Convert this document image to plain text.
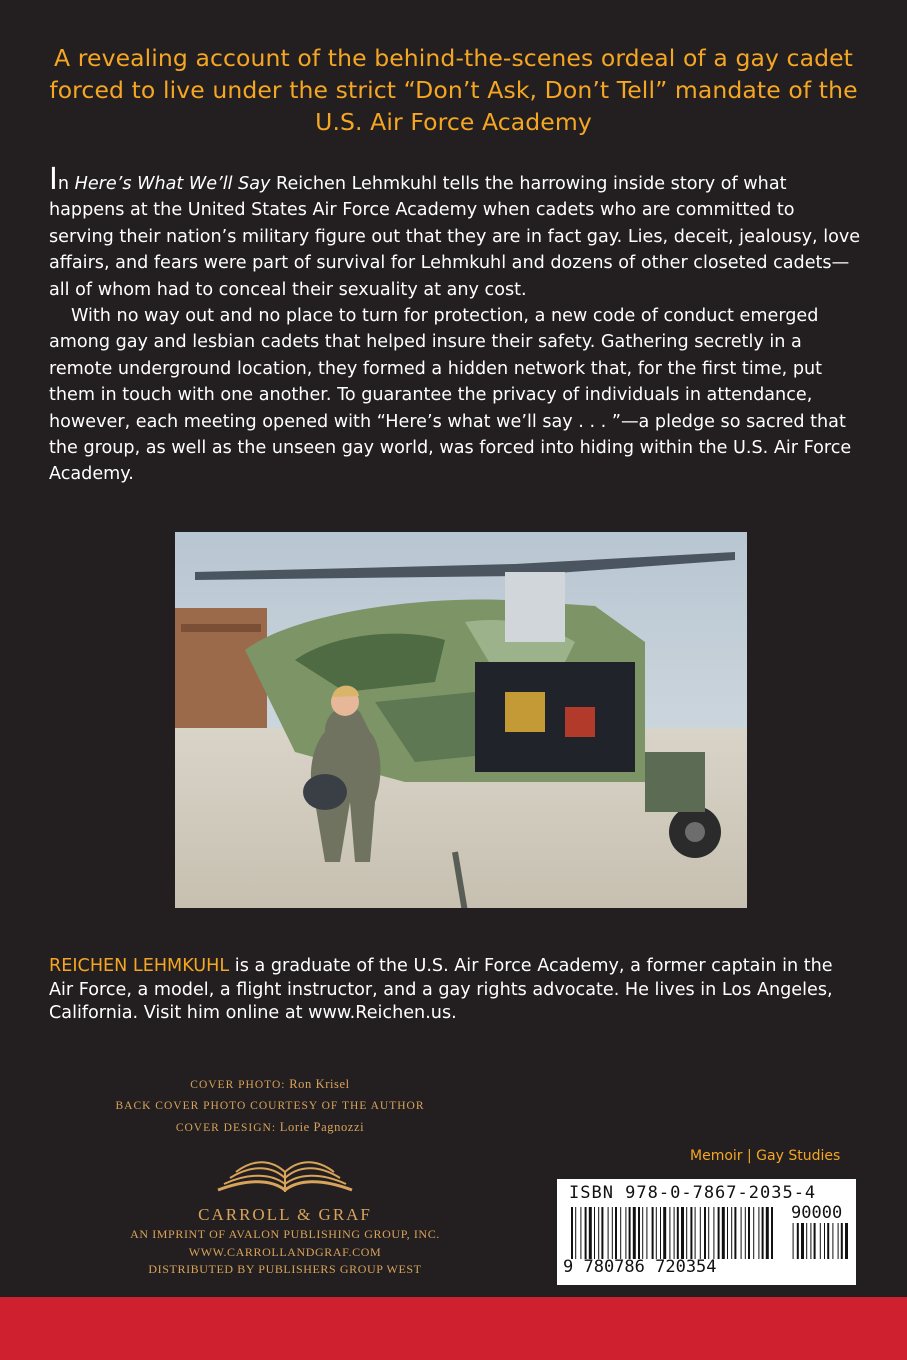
A revealing account of the behind-the-scenes ordeal of a gay cadet forced to live under the strict “Don’t Ask, Don’t Tell” mandate of the U.S. Air Force Academy

In Here’s What We’ll Say Reichen Lehmkuhl tells the harrowing inside story of what happens at the United States Air Force Academy when cadets who are committed to serving their nation’s military figure out that they are in fact gay. Lies, deceit, jealousy, love affairs, and fears were part of survival for Lehmkuhl and dozens of other closeted cadets—all of whom had to conceal their sexuality at any cost.

With no way out and no place to turn for protection, a new code of conduct emerged among gay and lesbian cadets that helped insure their safety. Gathering secretly in a remote underground location, they formed a hidden network that, for the first time, put them in touch with one another. To guarantee the privacy of individuals in attendance, however, each meeting opened with “Here’s what we’ll say . . . ”—a pledge so sacred that the group, as well as the unseen gay world, was forced into hiding within the U.S. Air Force Academy.

REICHEN LEHMKUHL is a graduate of the U.S. Air Force Academy, a former captain in the Air Force, a model, a flight instructor, and a gay rights advocate. He lives in Los Angeles, California. Visit him online at www.Reichen.us.
COVER PHOTO: Ron Krisel
BACK COVER PHOTO COURTESY OF THE AUTHOR
COVER DESIGN: Lorie Pagnozzi
CARROLL & GRAF
AN IMPRINT OF AVALON PUBLISHING GROUP, INC.
WWW.CARROLLANDGRAF.COM
DISTRIBUTED BY PUBLISHERS GROUP WEST
Memoir | Gay Studies
ISBN 978-0-7867-2035-4
90000
9 780786 720354
